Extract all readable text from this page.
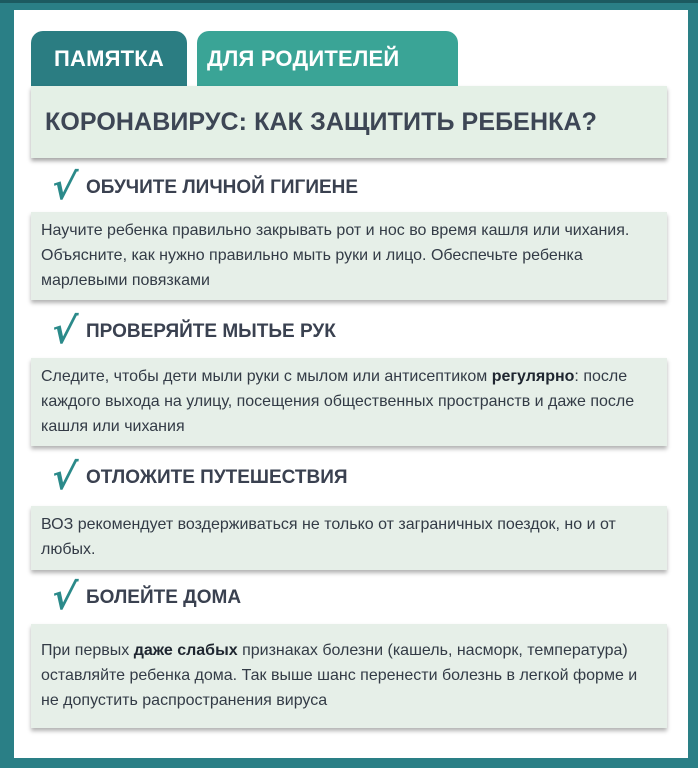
ПАМЯТКА	ДЛЯ РОДИТЕЛЕЙ
КОРОНАВИРУС: КАК ЗАЩИТИТЬ РЕБЕНКА?
√ ОБУЧИТЕ ЛИЧНОЙ ГИГИЕНЕ
Научите ребенка правильно закрывать рот и нос во время кашля или чихания. Объясните, как нужно правильно мыть руки и лицо. Обеспечьте ребенка марлевыми повязками
√ ПРОВЕРЯЙТЕ МЫТЬЕ РУК
Следите, чтобы дети мыли руки с мылом или антисептиком регулярно: после каждого выхода на улицу, посещения общественных пространств и даже после кашля или чихания
√ ОТЛОЖИТЕ ПУТЕШЕСТВИЯ
ВОЗ рекомендует воздерживаться не только от заграничных поездок, но и от любых.
√ БОЛЕЙТЕ ДОМА
При первых даже слабых признаках болезни (кашель, насморк, температура) оставляйте ребенка дома. Так выше шанс перенести болезнь в легкой форме и не допустить распространения вируса
